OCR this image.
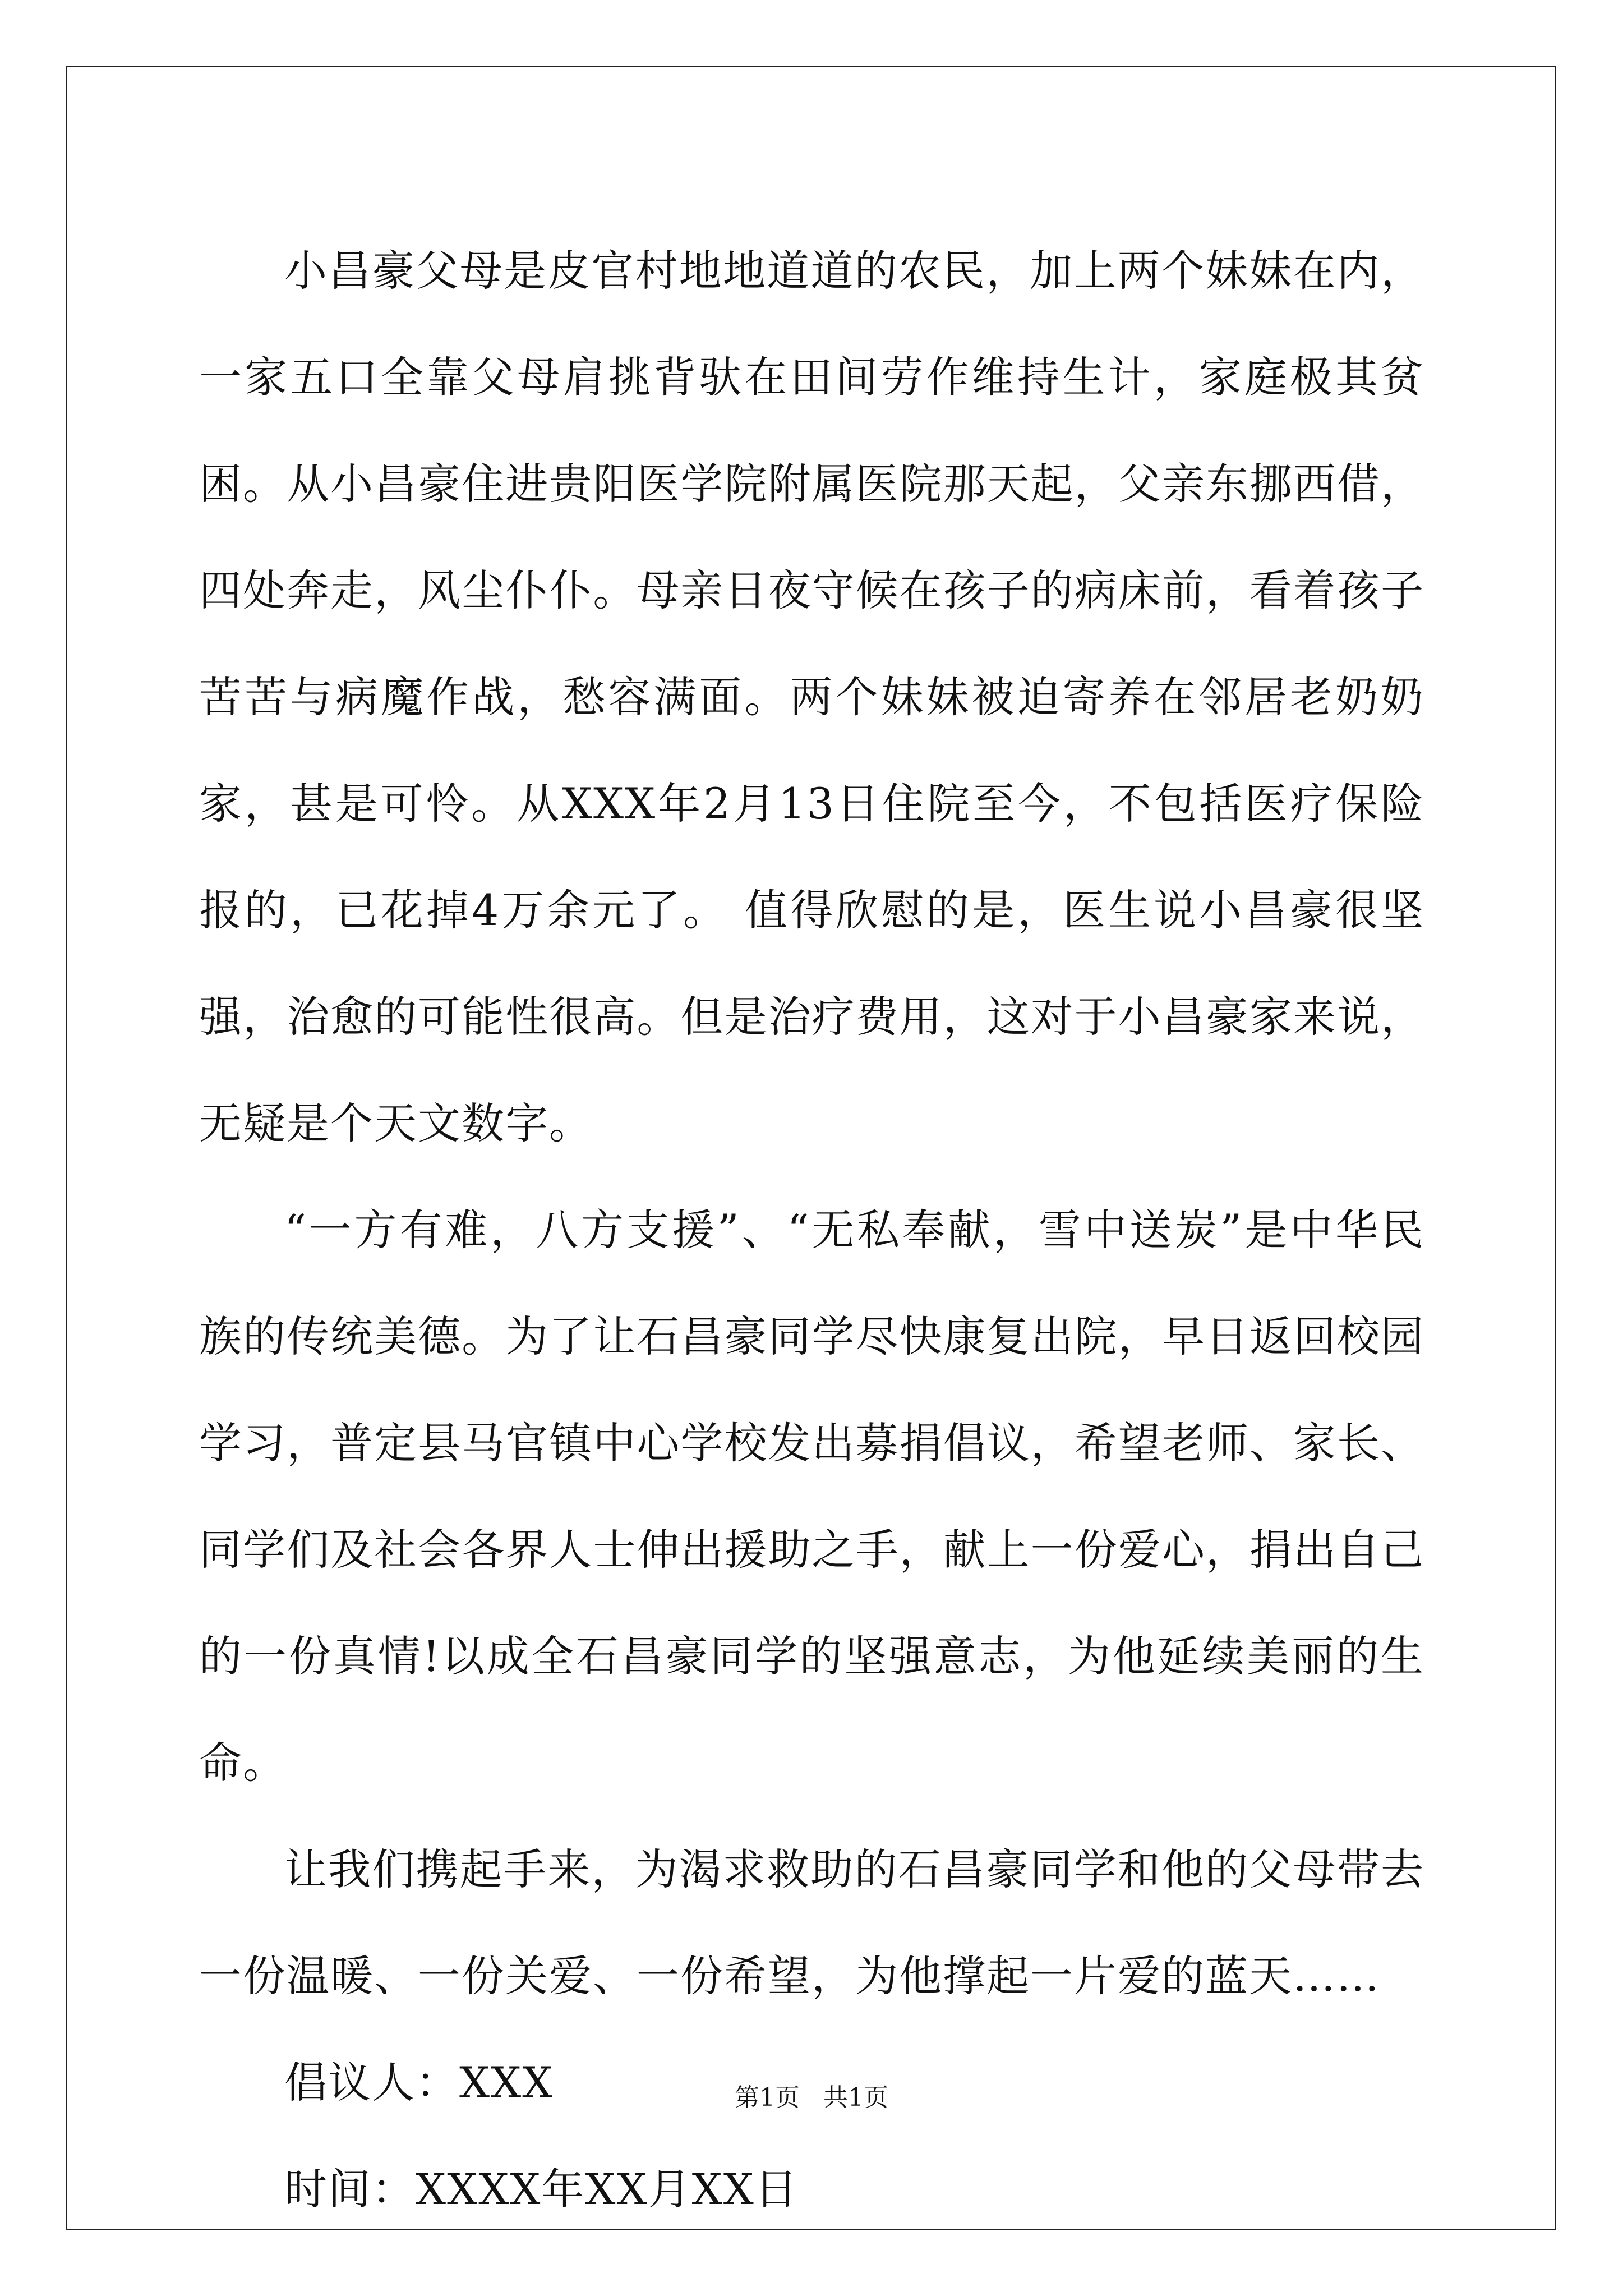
小昌豪父母是皮官村地地道道的农民，加上两个妹妹在内，一家五口全靠父母肩挑背驮在田间劳作维持生计，家庭极其贫困。从小昌豪住进贵阳医学院附属医院那天起，父亲东挪西借，四处奔走，风尘仆仆。母亲日夜守候在孩子的病床前，看着孩子苦苦与病魔作战，愁容满面。两个妹妹被迫寄养在邻居老奶奶家，甚是可怜。从XXX年2月13日住院至今，不包括医疗保险报的，已花掉4万余元了。 值得欣慰的是，医生说小昌豪很坚强，治愈的可能性很高。但是治疗费用，这对于小昌豪家来说，无疑是个天文数字。

“一方有难，八方支援”、“无私奉献，雪中送炭”是中华民族的传统美德。为了让石昌豪同学尽快康复出院，早日返回校园学习，普定县马官镇中心学校发出募捐倡议，希望老师、家长、同学们及社会各界人士伸出援助之手，献上一份爱心，捐出自己的一份真情!以成全石昌豪同学的坚强意志，为他延续美丽的生命。

让我们携起手来，为渴求救助的石昌豪同学和他的父母带去一份温暖、一份关爱、一份希望，为他撑起一片爱的蓝天……

倡议人：XXX

时间：XXXX年XX月XX日

第1页 共1页
